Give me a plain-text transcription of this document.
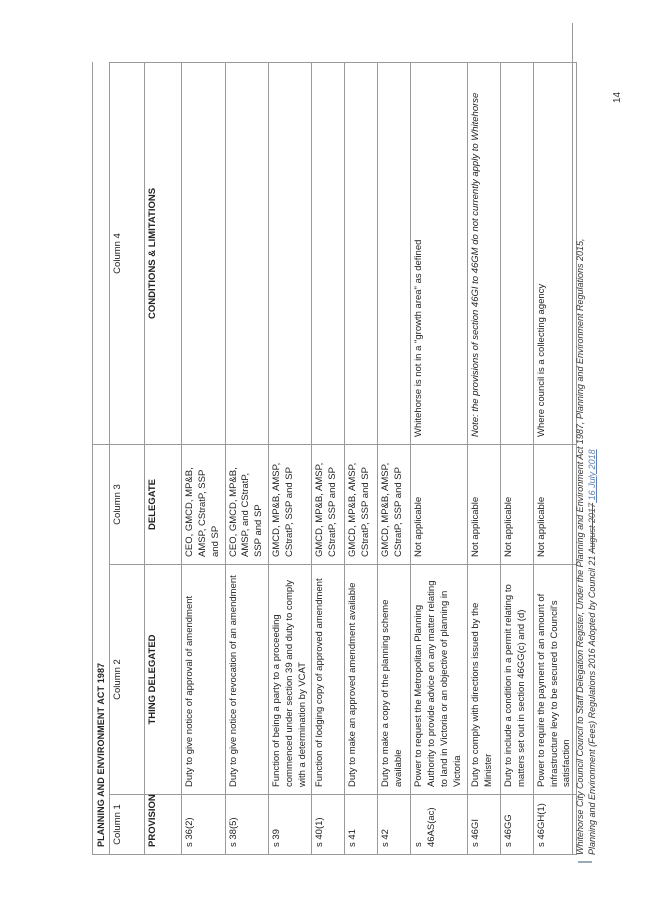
PLANNING AND ENVIRONMENT ACT 1987			
Column 1	Column 2	Column 3	Column 4
PROVISION	THING DELEGATED	DELEGATE	CONDITIONS & LIMITATIONS
s 36(2)	Duty to give notice of approval of amendment	CEO, GMCD, MP&B, AMSP, CStratP, SSP and SP	
s 38(5)	Duty to give notice of revocation of an amendment	CEO, GMCD, MP&B, AMSP, and CStratP, SSP and SP	
s 39	Function of being a party to a proceeding commenced under section 39 and duty to comply with a determination by VCAT	GMCD, MP&B, AMSP, CStratP, SSP and SP	
s 40(1)	Function of lodging copy of approved amendment	GMCD, MP&B, AMSP, CStratP, SSP and SP	
s 41	Duty to make an approved amendment available	GMCD, MP&B, AMSP, CStratP, SSP and SP	
s 42	Duty to make a copy of the planning scheme available	GMCD, MP&B, AMSP, CStratP, SSP and SP	
s 46AS(ac)	Power to request the Metropolitan Planning Authority to provide advice on any matter relating to land in Victoria or an objective of planning in Victoria	Not applicable	Whitehorse is not in a "growth area" as defined
s 46GI	Duty to comply with directions issued by the Minister	Not applicable	Note: the provisions of section 46GI to 46GM do not currently apply to Whitehorse
s 46GG	Duty to include a condition in a permit relating to matters set out in section 46GG(c) and (d)	Not applicable	
s 46GH(1)	Power to require the payment of an amount of infrastructure levy to be secured to Council's satisfaction	Not applicable	Where council is a collecting agency	Whitehorse City Council Council to Staff Delegation Register, Under the Planning and Environment Act 1987, Planning and Environment Regulations 2015, Planning and Environment (Fees) Regulations 2016 Adopted by Council 21 August 2017 16 July 2018
14
